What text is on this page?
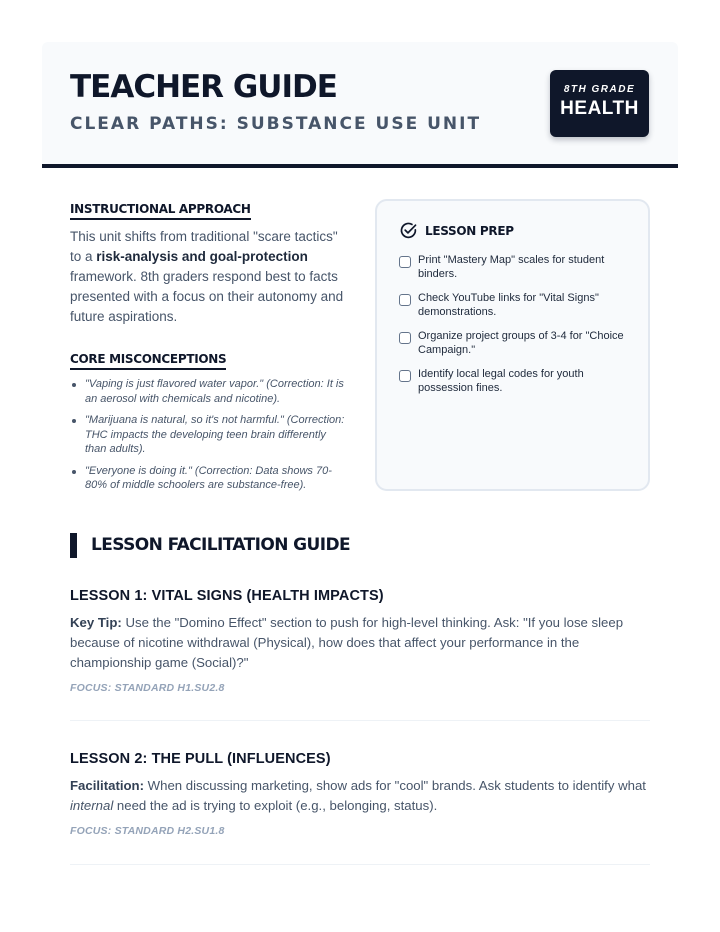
TEACHER GUIDE
CLEAR PATHS: SUBSTANCE USE UNIT
8TH GRADE
HEALTH
INSTRUCTIONAL APPROACH

This unit shifts from traditional "scare tactics" to a risk-analysis and goal-protection framework. 8th graders respond best to facts presented with a focus on their autonomy and future aspirations.

CORE MISCONCEPTIONS
"Vaping is just flavored water vapor." (Correction: It is an aerosol with chemicals and nicotine).
"Marijuana is natural, so it's not harmful." (Correction: THC impacts the developing teen brain differently than adults).
"Everyone is doing it." (Correction: Data shows 70-80% of middle schoolers are substance-free).
LESSON PREP
Print "Mastery Map" scales for student binders.
Check YouTube links for "Vital Signs" demonstrations.
Organize project groups of 3-4 for "Choice Campaign."
Identify local legal codes for youth possession fines.
LESSON FACILITATION GUIDE
LESSON 1: VITAL SIGNS (HEALTH IMPACTS)

Key Tip: Use the "Domino Effect" section to push for high-level thinking. Ask: "If you lose sleep because of nicotine withdrawal (Physical), how does that affect your performance in the championship game (Social)?"

FOCUS: STANDARD H1.SU2.8
LESSON 2: THE PULL (INFLUENCES)

Facilitation: When discussing marketing, show ads for "cool" brands. Ask students to identify what internal need the ad is trying to exploit (e.g., belonging, status).

FOCUS: STANDARD H2.SU1.8
